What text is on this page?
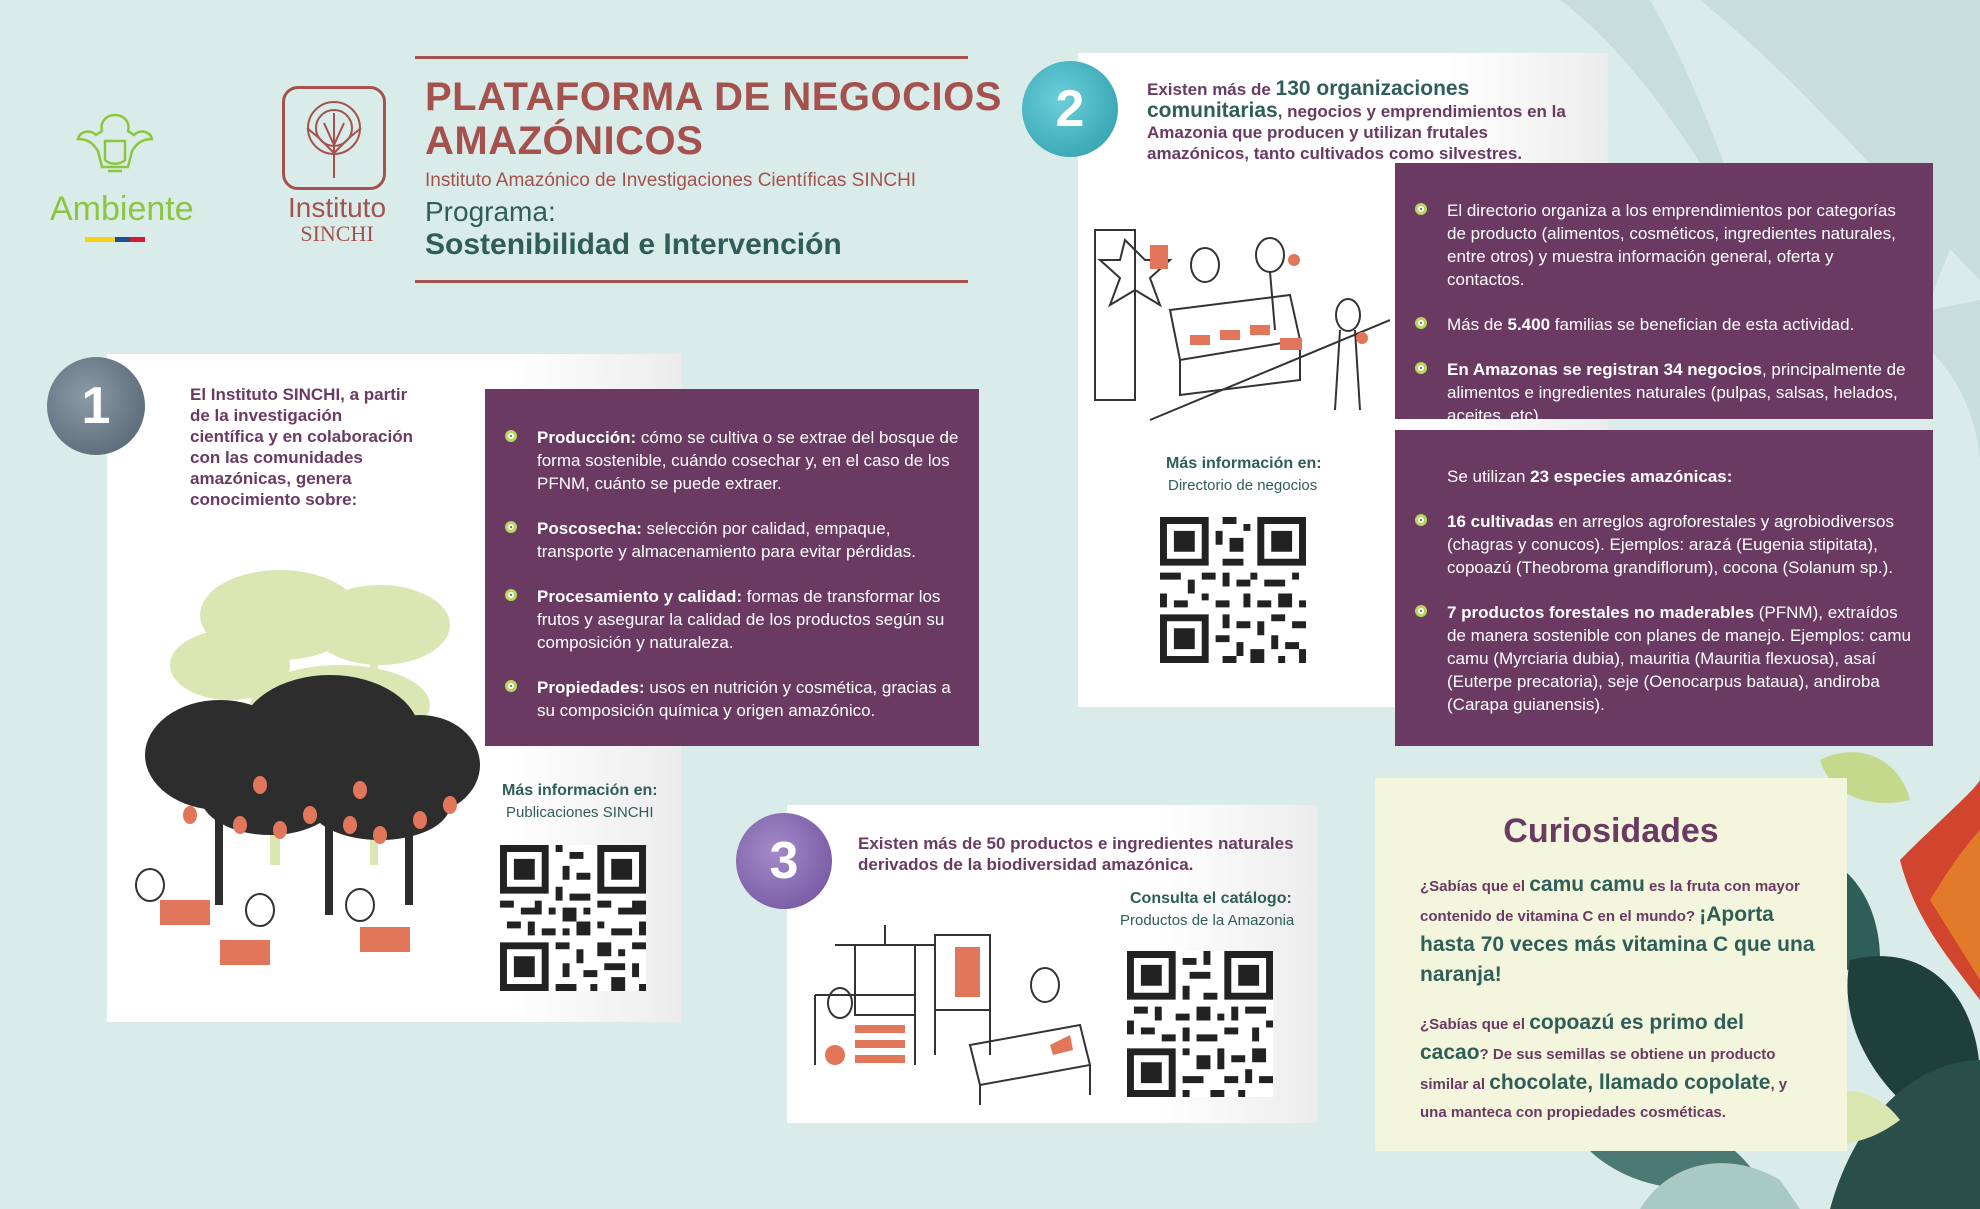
Ambiente	Instituto
SINCHI
PLATAFORMA DE NEGOCIOS
AMAZÓNICOS
Instituto Amazónico de Investigaciones Científicas SINCHI
Programa:
Sostenibilidad e Intervención
1	El Instituto SINCHI, a partir de la investigación científica y en colaboración con las comunidades amazónicas, genera conocimiento sobre:
Producción: cómo se cultiva o se extrae del bosque de forma sostenible, cuándo cosechar y, en el caso de los PFNM, cuánto se puede extraer.
Poscosecha: selección por calidad, empaque, transporte y almacenamiento para evitar pérdidas.
Procesamiento y calidad: formas de transformar los frutos y asegurar la calidad de los productos según su composición y naturaleza.
Propiedades: usos en nutrición y cosmética, gracias a su composición química y origen amazónico.
Más información en:
Publicaciones SINCHI
2	Existen más de 130 organizaciones comunitarias, negocios y emprendimientos en la Amazonia que producen y utilizan frutales amazónicos, tanto cultivados como silvestres.
El directorio organiza a los emprendimientos por categorías de producto (alimentos, cosméticos, ingredientes naturales, entre otros) y muestra información general, oferta y contactos.
Más de 5.400 familias se benefician de esta actividad.
En Amazonas se registran 34 negocios, principalmente de alimentos e ingredientes naturales (pulpas, salsas, helados, aceites, etc).
Se utilizan 23 especies amazónicas:
16 cultivadas en arreglos agroforestales y agrobiodiversos (chagras y conucos). Ejemplos: arazá (Eugenia stipitata), copoazú (Theobroma grandiflorum), cocona (Solanum sp.).
7 productos forestales no maderables (PFNM), extraídos de manera sostenible con planes de manejo. Ejemplos: camu camu (Myrciaria dubia), mauritia (Mauritia flexuosa), asaí (Euterpe precatoria), seje (Oenocarpus bataua), andiroba (Carapa guianensis).
Más información en:
Directorio de negocios
3	Existen más de 50 productos e ingredientes naturales derivados de la biodiversidad amazónica.
Consulta el catálogo:
Productos de la Amazonia
Curiosidades
¿Sabías que el camu camu es la fruta con mayor contenido de vitamina C en el mundo? ¡Aporta hasta 70 veces más vitamina C que una naranja!
¿Sabías que el copoazú es primo del cacao? De sus semillas se obtiene un producto similar al chocolate, llamado copolate, y una manteca con propiedades cosméticas.
